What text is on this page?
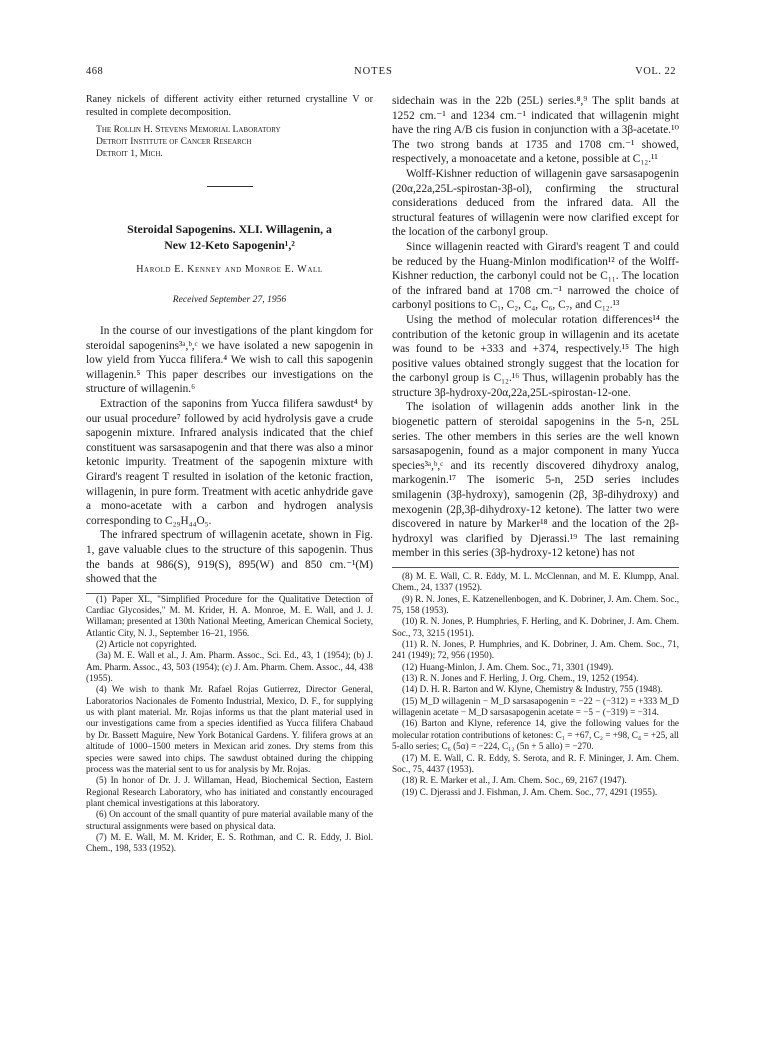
468	NOTES	VOL. 22

Raney nickels of different activity either returned crystalline V or resulted in complete decomposition.

The Rollin H. Stevens Memorial Laboratory
Detroit Institute of Cancer Research
Detroit 1, Mich.
Steroidal Sapogenins. XLI. Willagenin, a
New 12-Keto Sapogenin¹,²
Harold E. Kenney and Monroe E. Wall
Received September 27, 1956

In the course of our investigations of the plant kingdom for steroidal sapogenins³ᵃ,ᵇ,ᶜ we have isolated a new sapogenin in low yield from Yucca filifera.⁴ We wish to call this sapogenin willagenin.⁵ This paper describes our investigations on the structure of willagenin.⁶

Extraction of the saponins from Yucca filifera sawdust⁴ by our usual procedure⁷ followed by acid hydrolysis gave a crude sapogenin mixture. Infrared analysis indicated that the chief constituent was sarsasapogenin and that there was also a minor ketonic impurity. Treatment of the sapogenin mixture with Girard's reagent T resulted in isolation of the ketonic fraction, willagenin, in pure form. Treatment with acetic anhydride gave a mono-acetate with a carbon and hydrogen analysis corresponding to C₂₉H₄₄O₅.

The infrared spectrum of willagenin acetate, shown in Fig. 1, gave valuable clues to the structure of this sapogenin. Thus the bands at 986(S), 919(S), 895(W) and 850 cm.⁻¹(M) showed that the

(1) Paper XL, "Simplified Procedure for the Qualitative Detection of Cardiac Glycosides," M. M. Krider, H. A. Monroe, M. E. Wall, and J. J. Willaman; presented at 130th National Meeting, American Chemical Society, Atlantic City, N. J., September 16–21, 1956.

(2) Article not copyrighted.

(3a) M. E. Wall et al., J. Am. Pharm. Assoc., Sci. Ed., 43, 1 (1954); (b) J. Am. Pharm. Assoc., 43, 503 (1954); (c) J. Am. Pharm. Chem. Assoc., 44, 438 (1955).

(4) We wish to thank Mr. Rafael Rojas Gutierrez, Director General, Laboratorios Nacionales de Fomento Industrial, Mexico, D. F., for supplying us with plant material. Mr. Rojas informs us that the plant material used in our investigations came from a species identified as Yucca filifera Chabaud by Dr. Bassett Maguire, New York Botanical Gardens. Y. filifera grows at an altitude of 1000–1500 meters in Mexican arid zones. Dry stems from this species were sawed into chips. The sawdust obtained during the chipping process was the material sent to us for analysis by Mr. Rojas.

(5) In honor of Dr. J. J. Willaman, Head, Biochemical Section, Eastern Regional Research Laboratory, who has initiated and constantly encouraged plant chemical investigations at this laboratory.

(6) On account of the small quantity of pure material available many of the structural assignments were based on physical data.

(7) M. E. Wall, M. M. Krider, E. S. Rothman, and C. R. Eddy, J. Biol. Chem., 198, 533 (1952).

sidechain was in the 22b (25L) series.⁸,⁹ The split bands at 1252 cm.⁻¹ and 1234 cm.⁻¹ indicated that willagenin might have the ring A/B cis fusion in conjunction with a 3β-acetate.¹⁰ The two strong bands at 1735 and 1708 cm.⁻¹ showed, respectively, a monoacetate and a ketone, possible at C₁₂.¹¹

Wolff-Kishner reduction of willagenin gave sarsasapogenin (20α,22a,25L-spirostan-3β-ol), confirming the structural considerations deduced from the infrared data. All the structural features of willagenin were now clarified except for the location of the carbonyl group.

Since willagenin reacted with Girard's reagent T and could be reduced by the Huang-Minlon modification¹² of the Wolff-Kishner reduction, the carbonyl could not be C₁₁. The location of the infrared band at 1708 cm.⁻¹ narrowed the choice of carbonyl positions to C₁, C₂, C₄, C₆, C₇, and C₁₂.¹³

Using the method of molecular rotation differences¹⁴ the contribution of the ketonic group in willagenin and its acetate was found to be +333 and +374, respectively.¹⁵ The high positive values obtained strongly suggest that the location for the carbonyl group is C₁₂.¹⁶ Thus, willagenin probably has the structure 3β-hydroxy-20α,22a,25L-spirostan-12-one.

The isolation of willagenin adds another link in the biogenetic pattern of steroidal sapogenins in the 5-n, 25L series. The other members in this series are the well known sarsasapogenin, found as a major component in many Yucca species³ᵃ,ᵇ,ᶜ and its recently discovered dihydroxy analog, markogenin.¹⁷ The isomeric 5-n, 25D series includes smilagenin (3β-hydroxy), samogenin (2β, 3β-dihydroxy) and mexogenin (2β,3β-dihydroxy-12 ketone). The latter two were discovered in nature by Marker¹⁸ and the location of the 2β-hydroxyl was clarified by Djerassi.¹⁹ The last remaining member in this series (3β-hydroxy-12 ketone) has not

(8) M. E. Wall, C. R. Eddy, M. L. McClennan, and M. E. Klumpp, Anal. Chem., 24, 1337 (1952).

(9) R. N. Jones, E. Katzenellenbogen, and K. Dobriner, J. Am. Chem. Soc., 75, 158 (1953).

(10) R. N. Jones, P. Humphries, F. Herling, and K. Dobriner, J. Am. Chem. Soc., 73, 3215 (1951).

(11) R. N. Jones, P. Humphries, and K. Dobriner, J. Am. Chem. Soc., 71, 241 (1949); 72, 956 (1950).

(12) Huang-Minlon, J. Am. Chem. Soc., 71, 3301 (1949).

(13) R. N. Jones and F. Herling, J. Org. Chem., 19, 1252 (1954).

(14) D. H. R. Barton and W. Klyne, Chemistry & Industry, 755 (1948).

(15) M_D willagenin − M_D sarsasapogenin = −22 − (−312) = +333 M_D willagenin acetate − M_D sarsasapogenin acetate = −5 − (−319) = −314.

(16) Barton and Klyne, reference 14, give the following values for the molecular rotation contributions of ketones: C₁ = +67, C₂ = +98, C₄ = +25, all 5-allo series; C₆ (5α) = −224, C₁₂ (5n + 5 allo) = −270.

(17) M. E. Wall, C. R. Eddy, S. Serota, and R. F. Mininger, J. Am. Chem. Soc., 75, 4437 (1953).

(18) R. E. Marker et al., J. Am. Chem. Soc., 69, 2167 (1947).

(19) C. Djerassi and J. Fishman, J. Am. Chem. Soc., 77, 4291 (1955).
